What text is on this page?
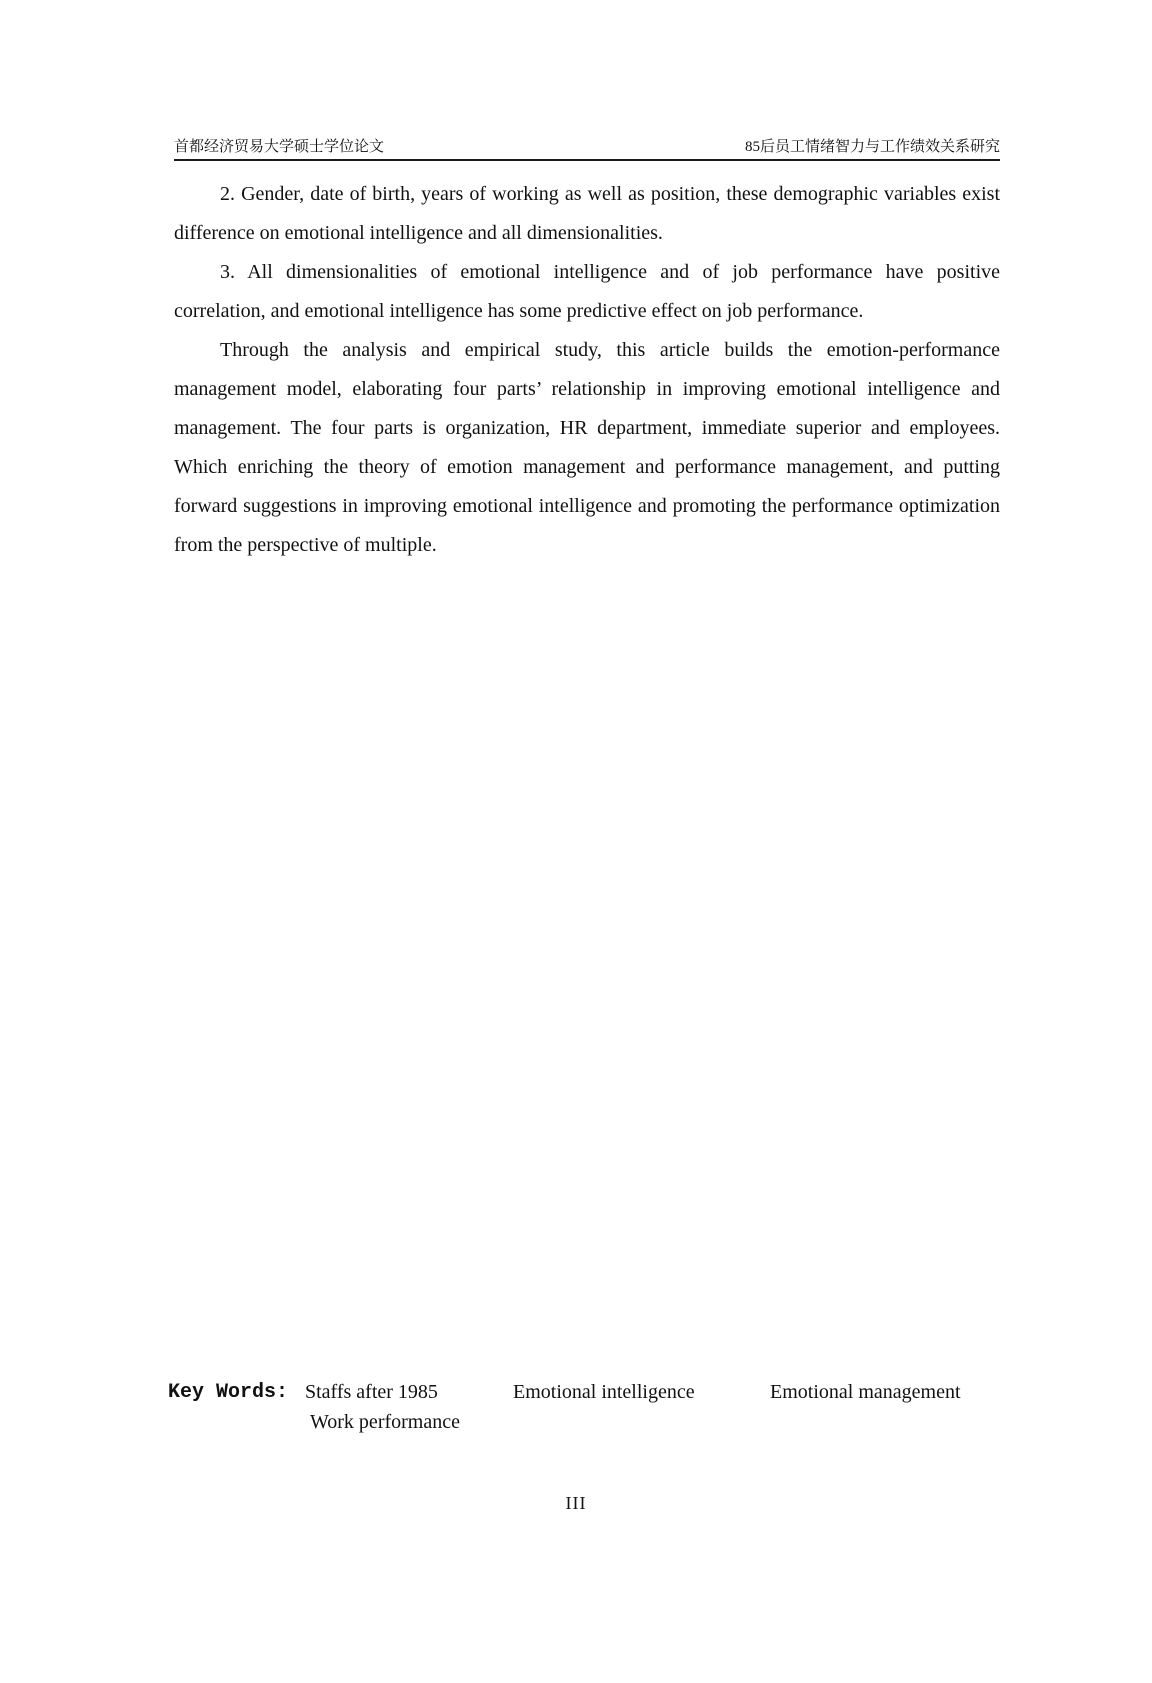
首都经济贸易大学硕士学位论文	85后员工情绪智力与工作绩效关系研究

2. Gender, date of birth, years of working as well as position, these demographic variables exist difference on emotional intelligence and all dimensionalities.

3. All dimensionalities of emotional intelligence and of job performance have positive correlation, and emotional intelligence has some predictive effect on job performance.

Through the analysis and empirical study, this article builds the emotion-performance management model, elaborating four parts’ relationship in improving emotional intelligence and management. The four parts is organization, HR department, immediate superior and employees. Which enriching the theory of emotion management and performance management, and putting forward suggestions in improving emotional intelligence and promoting the performance optimization from the perspective of multiple.

Key Words: Staffs after 1985	Emotional intelligence	Emotional management
Work performance
III
